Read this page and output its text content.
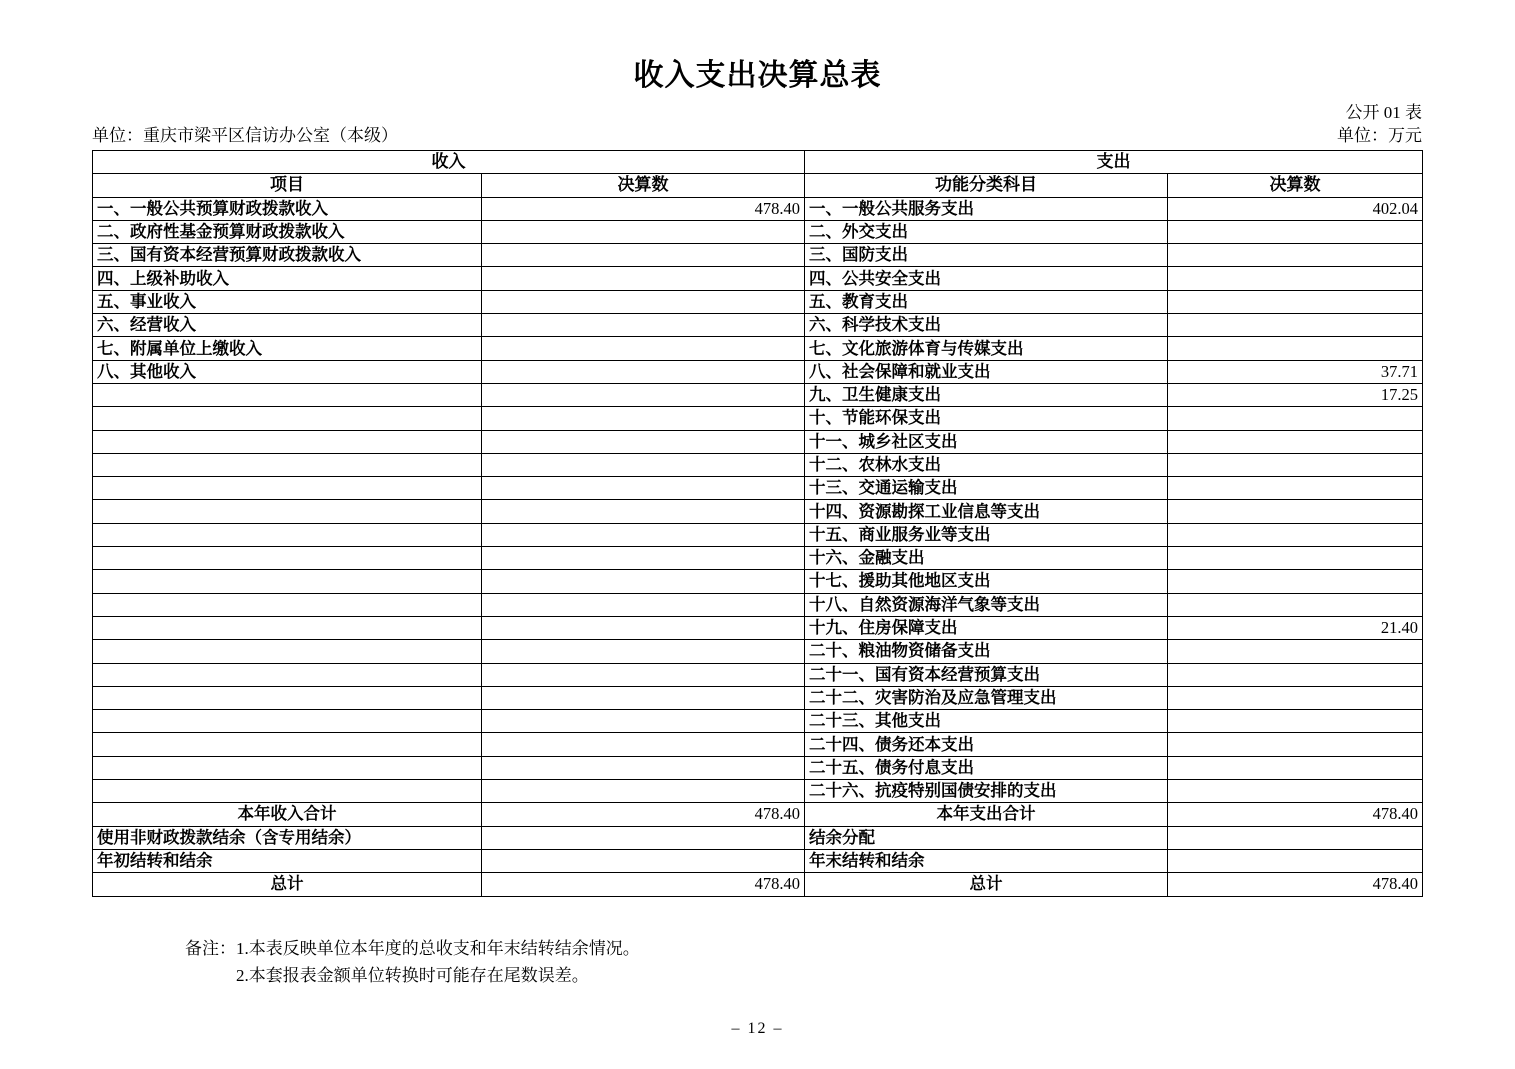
收入支出决算总表
公开 01 表
单位：重庆市梁平区信访办公室（本级）	单位：万元
收入		支出	
项目	决算数	功能分类科目	决算数
一、一般公共预算财政拨款收入	478.40	一、一般公共服务支出	402.04
二、政府性基金预算财政拨款收入		二、外交支出	
三、国有资本经营预算财政拨款收入		三、国防支出	
四、上级补助收入		四、公共安全支出	
五、事业收入		五、教育支出	
六、经营收入		六、科学技术支出	
七、附属单位上缴收入		七、文化旅游体育与传媒支出	
八、其他收入		八、社会保障和就业支出	37.71
		九、卫生健康支出	17.25
		十、节能环保支出	
		十一、城乡社区支出	
		十二、农林水支出	
		十三、交通运输支出	
		十四、资源勘探工业信息等支出	
		十五、商业服务业等支出	
		十六、金融支出	
		十七、援助其他地区支出	
		十八、自然资源海洋气象等支出	
		十九、住房保障支出	21.40
		二十、粮油物资储备支出	
		二十一、国有资本经营预算支出	
		二十二、灾害防治及应急管理支出	
		二十三、其他支出	
		二十四、债务还本支出	
		二十五、债务付息支出	
		二十六、抗疫特别国债安排的支出	
本年收入合计	478.40	本年支出合计	478.40
使用非财政拨款结余（含专用结余）		结余分配	
年初结转和结余		年末结转和结余	
总计	478.40	总计	478.40
备注：1.本表反映单位本年度的总收支和年末结转结余情况。
2.本套报表金额单位转换时可能存在尾数误差。
– 12 –
